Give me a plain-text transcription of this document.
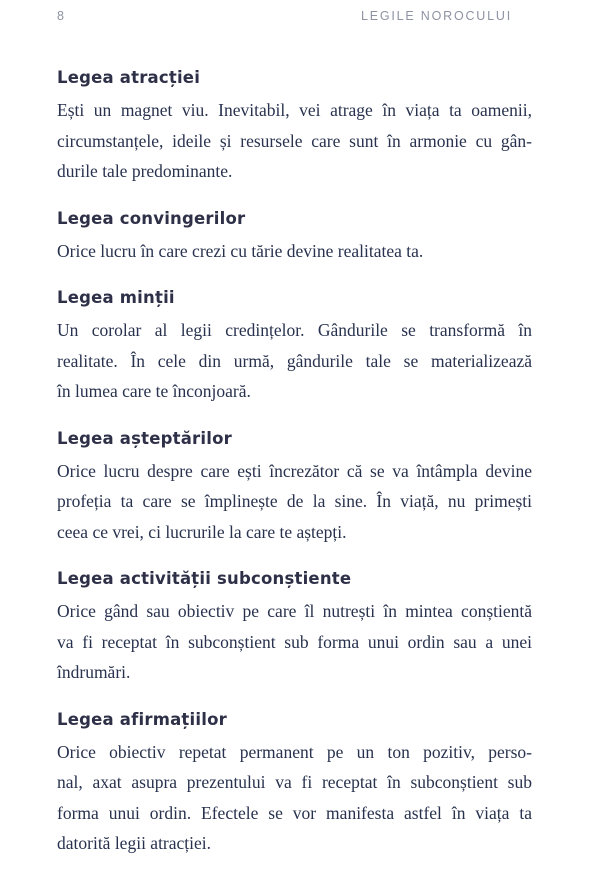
8	LEGILE NOROCULUI
Legea atracției

Ești un magnet viu. Inevitabil, vei atrage în viața ta oamenii,
circumstanțele, ideile și resursele care sunt în armonie cu gân-
durile tale predominante.

Legea convingerilor

Orice lucru în care crezi cu tărie devine realitatea ta.

Legea minții

Un corolar al legii credințelor. Gândurile se transformă în
realitate. În cele din urmă, gândurile tale se materializează
în lumea care te înconjoară.

Legea așteptărilor

Orice lucru despre care ești încrezător că se va întâmpla devine
profeția ta care se împlinește de la sine. În viață, nu primești
ceea ce vrei, ci lucrurile la care te aștepți.

Legea activității subconștiente

Orice gând sau obiectiv pe care îl nutrești în mintea conștientă
va fi receptat în subconștient sub forma unui ordin sau a unei
îndrumări.

Legea afirmațiilor

Orice obiectiv repetat permanent pe un ton pozitiv, perso-
nal, axat asupra prezentului va fi receptat în subconștient sub
forma unui ordin. Efectele se vor manifesta astfel în viața ta
datorită legii atracției.
